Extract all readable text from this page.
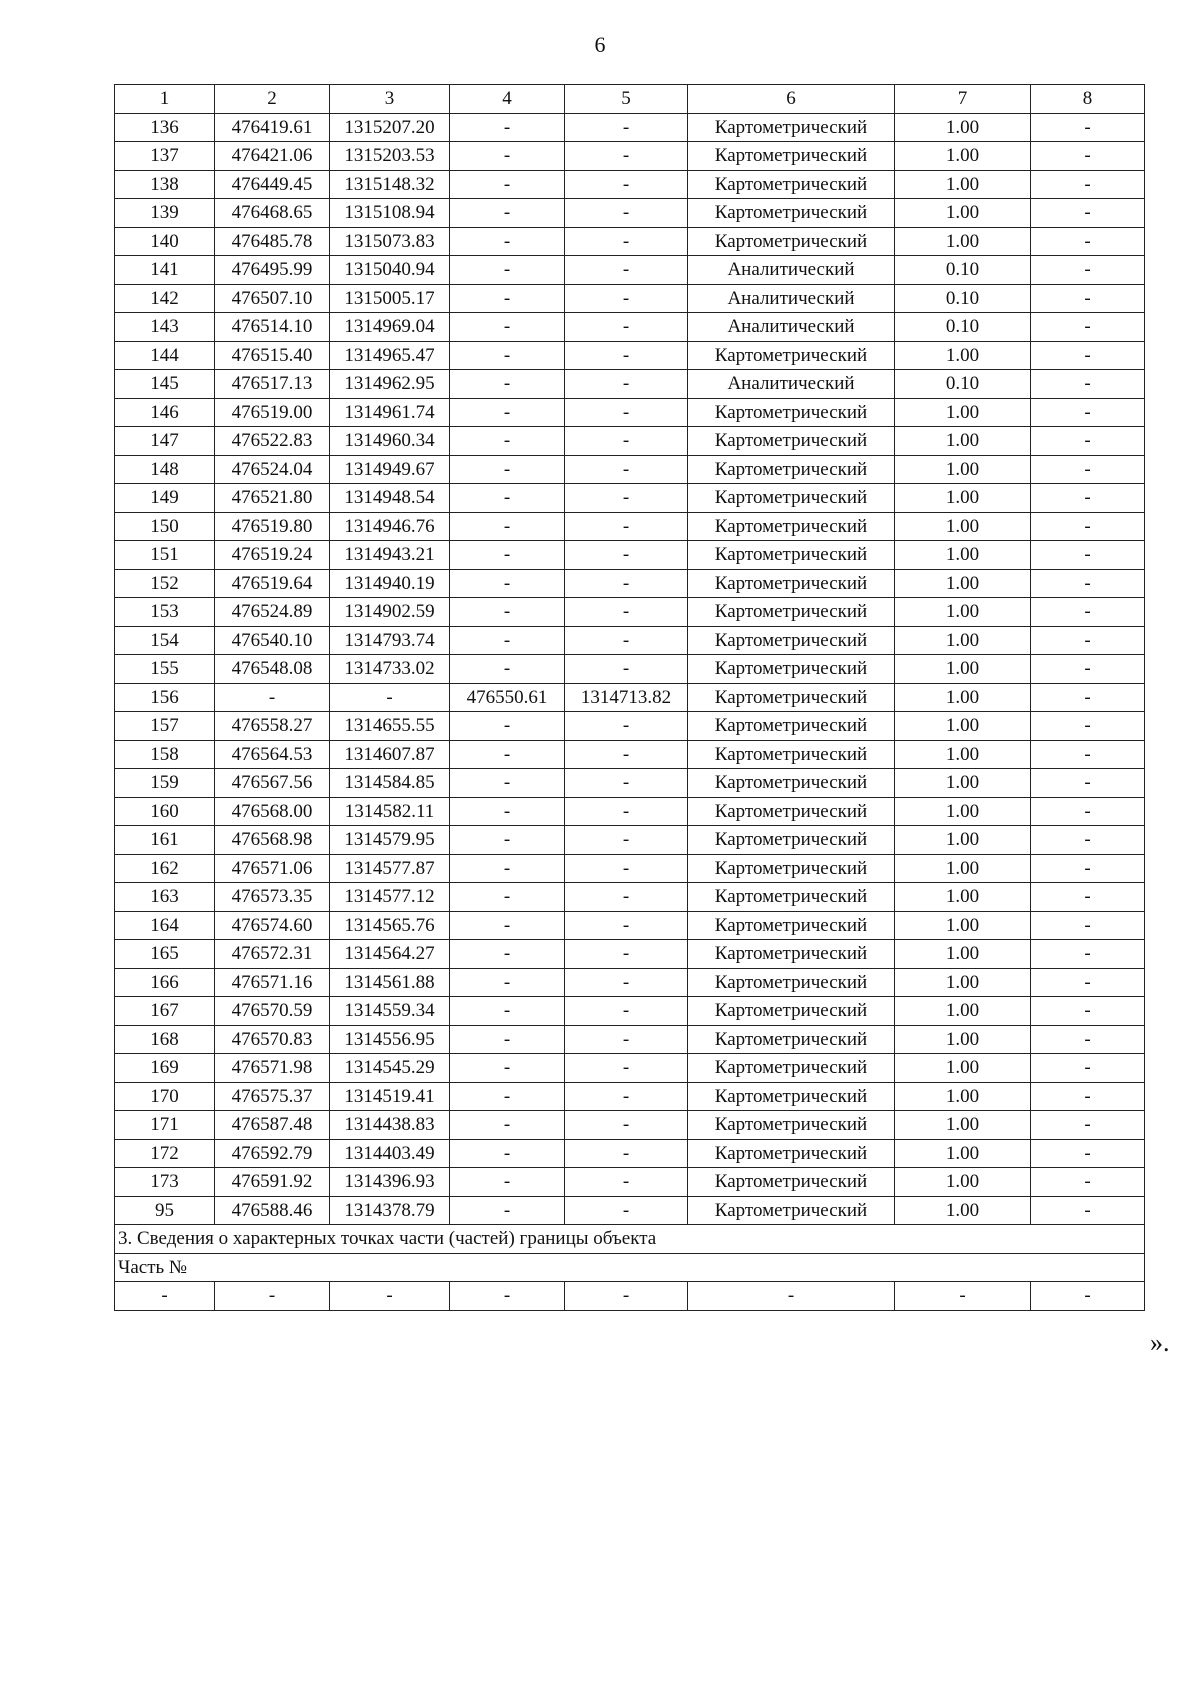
6
1	2	3	4	5	6	7	8
136	476419.61	1315207.20	-	-	Картометрический	1.00	-
137	476421.06	1315203.53	-	-	Картометрический	1.00	-
138	476449.45	1315148.32	-	-	Картометрический	1.00	-
139	476468.65	1315108.94	-	-	Картометрический	1.00	-
140	476485.78	1315073.83	-	-	Картометрический	1.00	-
141	476495.99	1315040.94	-	-	Аналитический	0.10	-
142	476507.10	1315005.17	-	-	Аналитический	0.10	-
143	476514.10	1314969.04	-	-	Аналитический	0.10	-
144	476515.40	1314965.47	-	-	Картометрический	1.00	-
145	476517.13	1314962.95	-	-	Аналитический	0.10	-
146	476519.00	1314961.74	-	-	Картометрический	1.00	-
147	476522.83	1314960.34	-	-	Картометрический	1.00	-
148	476524.04	1314949.67	-	-	Картометрический	1.00	-
149	476521.80	1314948.54	-	-	Картометрический	1.00	-
150	476519.80	1314946.76	-	-	Картометрический	1.00	-
151	476519.24	1314943.21	-	-	Картометрический	1.00	-
152	476519.64	1314940.19	-	-	Картометрический	1.00	-
153	476524.89	1314902.59	-	-	Картометрический	1.00	-
154	476540.10	1314793.74	-	-	Картометрический	1.00	-
155	476548.08	1314733.02	-	-	Картометрический	1.00	-
156	-	-	476550.61	1314713.82	Картометрический	1.00	-
157	476558.27	1314655.55	-	-	Картометрический	1.00	-
158	476564.53	1314607.87	-	-	Картометрический	1.00	-
159	476567.56	1314584.85	-	-	Картометрический	1.00	-
160	476568.00	1314582.11	-	-	Картометрический	1.00	-
161	476568.98	1314579.95	-	-	Картометрический	1.00	-
162	476571.06	1314577.87	-	-	Картометрический	1.00	-
163	476573.35	1314577.12	-	-	Картометрический	1.00	-
164	476574.60	1314565.76	-	-	Картометрический	1.00	-
165	476572.31	1314564.27	-	-	Картометрический	1.00	-
166	476571.16	1314561.88	-	-	Картометрический	1.00	-
167	476570.59	1314559.34	-	-	Картометрический	1.00	-
168	476570.83	1314556.95	-	-	Картометрический	1.00	-
169	476571.98	1314545.29	-	-	Картометрический	1.00	-
170	476575.37	1314519.41	-	-	Картометрический	1.00	-
171	476587.48	1314438.83	-	-	Картометрический	1.00	-
172	476592.79	1314403.49	-	-	Картометрический	1.00	-
173	476591.92	1314396.93	-	-	Картометрический	1.00	-
95	476588.46	1314378.79	-	-	Картометрический	1.00	-
3. Сведения о характерных точках части (частей) границы объекта							
Часть №							
-	-	-	-	-	-	-	-
».
